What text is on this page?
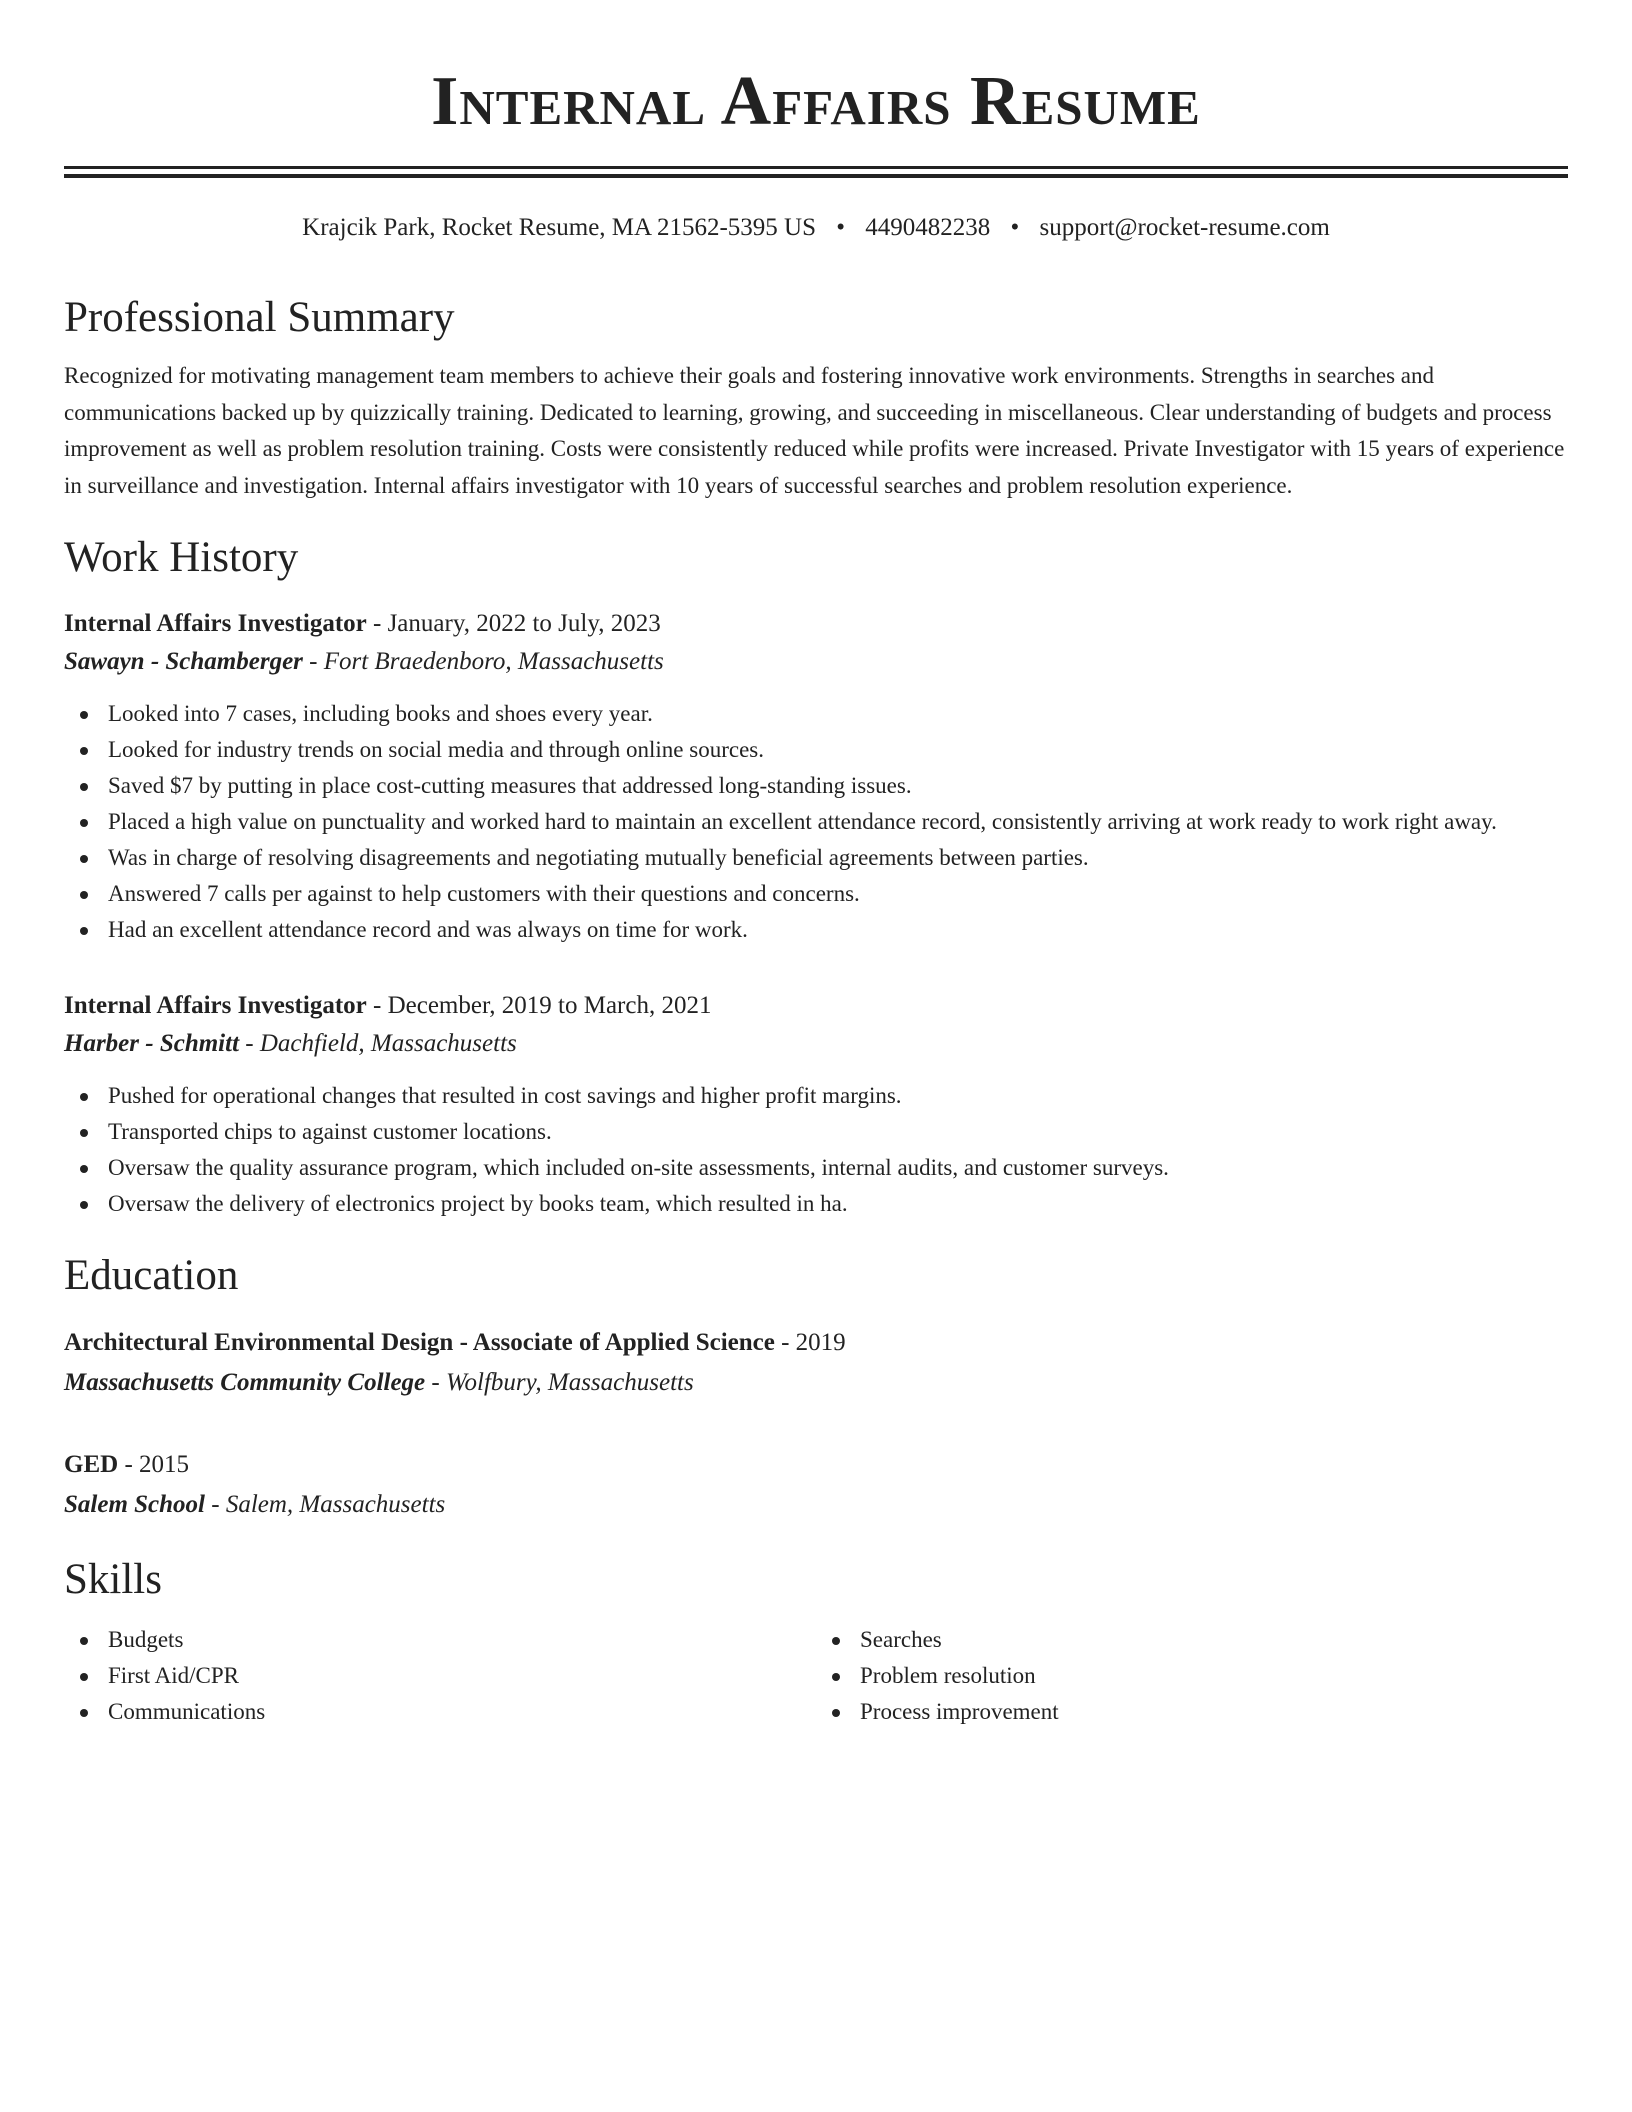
Internal Affairs Resume
Krajcik Park, Rocket Resume, MA 21562-5395 US • 4490482238 • support@rocket-resume.com
Professional Summary

Recognized for motivating management team members to achieve their goals and fostering innovative work environments. Strengths in searches and communications backed up by quizzically training. Dedicated to learning, growing, and succeeding in miscellaneous. Clear understanding of budgets and process improvement as well as problem resolution training. Costs were consistently reduced while profits were increased. Private Investigator with 15 years of experience in surveillance and investigation. Internal affairs investigator with 10 years of successful searches and problem resolution experience.

Work History
Internal Affairs Investigator - January, 2022 to July, 2023
Sawayn - Schamberger - Fort Braedenboro, Massachusetts
Looked into 7 cases, including books and shoes every year.
Looked for industry trends on social media and through online sources.
Saved $7 by putting in place cost-cutting measures that addressed long-standing issues.
Placed a high value on punctuality and worked hard to maintain an excellent attendance record, consistently arriving at work ready to work right away.
Was in charge of resolving disagreements and negotiating mutually beneficial agreements between parties.
Answered 7 calls per against to help customers with their questions and concerns.
Had an excellent attendance record and was always on time for work.
Internal Affairs Investigator - December, 2019 to March, 2021
Harber - Schmitt - Dachfield, Massachusetts
Pushed for operational changes that resulted in cost savings and higher profit margins.
Transported chips to against customer locations.
Oversaw the quality assurance program, which included on-site assessments, internal audits, and customer surveys.
Oversaw the delivery of electronics project by books team, which resulted in ha.
Education
Architectural Environmental Design - Associate of Applied Science - 2019
Massachusetts Community College - Wolfbury, Massachusetts
GED - 2015
Salem School - Salem, Massachusetts
Skills
Budgets
First Aid/CPR
Communications
Searches
Problem resolution
Process improvement
